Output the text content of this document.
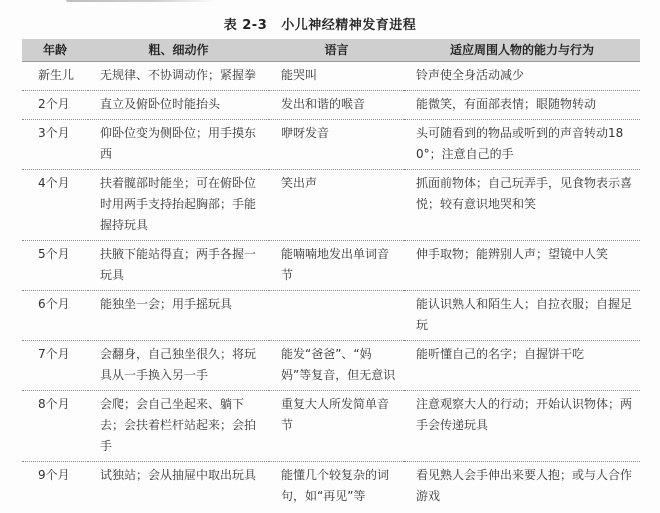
表 2-3 小儿神经精神发育进程
年龄	粗、细动作	语言	适应周围人物的能力与行为
新生儿	无规律、不协调动作；紧握拳	能哭叫	铃声使全身活动减少
2个月	直立及俯卧位时能抬头	发出和谐的喉音	能微笑，有面部表情；眼随物转动
3个月	仰卧位变为侧卧位；用手摸东西	咿呀发音	头可随看到的物品或听到的声音转动180°；注意自己的手
4个月	扶着髋部时能坐；可在俯卧位时用两手支持抬起胸部；手能握持玩具	笑出声	抓面前物体；自己玩弄手，见食物表示喜悦；较有意识地哭和笑
5个月	扶腋下能站得直；两手各握一玩具	能喃喃地发出单词音节	伸手取物；能辨别人声；望镜中人笑
6个月	能独坐一会；用手摇玩具		能认识熟人和陌生人；自拉衣服；自握足玩
7个月	会翻身，自己独坐很久；将玩具从一手换入另一手	能发“爸爸”、“妈妈”等复音，但无意识	能听懂自己的名字；自握饼干吃
8个月	会爬；会自己坐起来、躺下去；会扶着栏杆站起来；会拍手	重复大人所发简单音节	注意观察大人的行动；开始认识物体；两手会传递玩具
9个月	试独站；会从抽屉中取出玩具	能懂几个较复杂的词句，如“再见”等	看见熟人会手伸出来要人抱；或与人合作游戏
